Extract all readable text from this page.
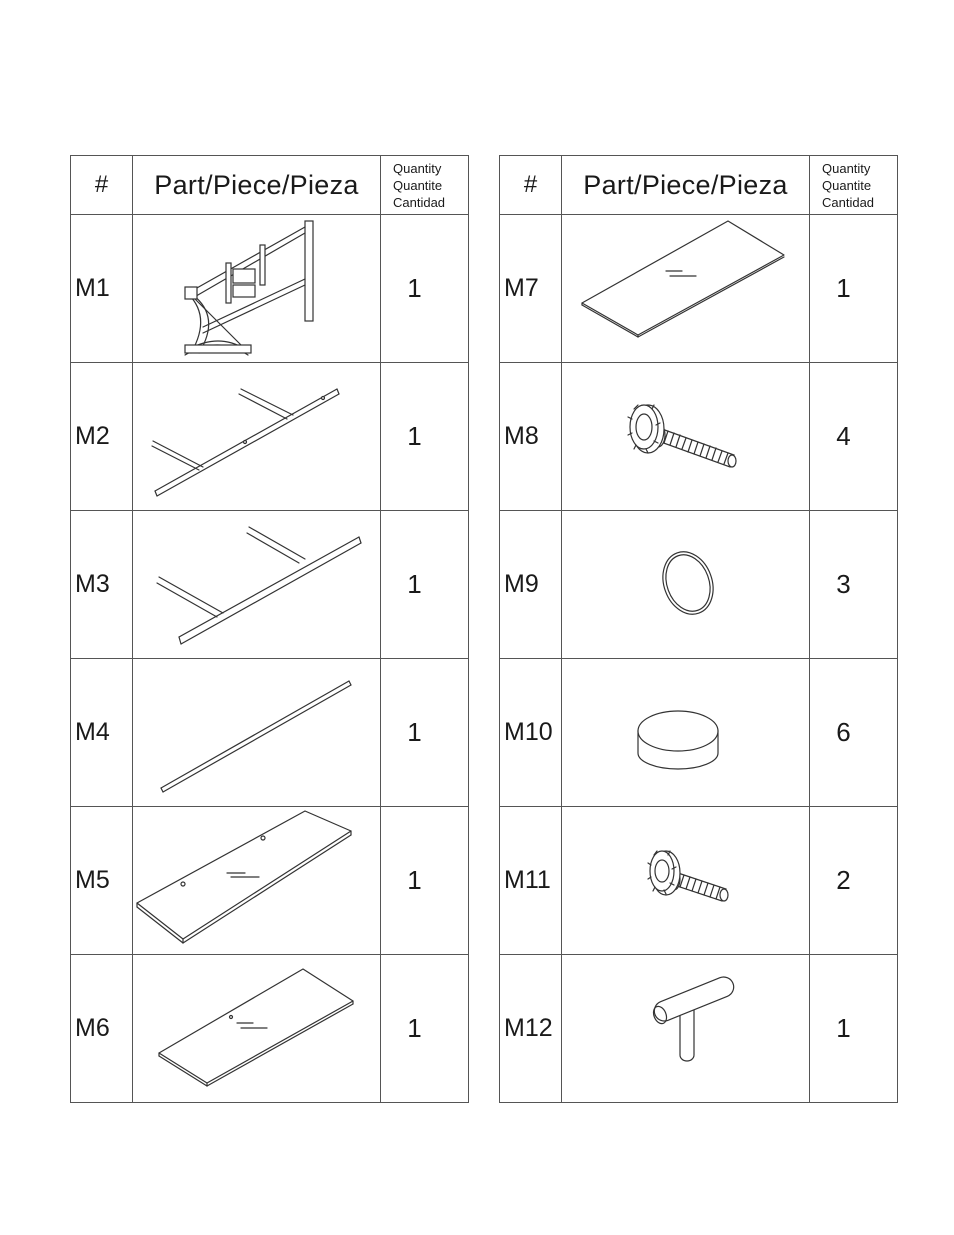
#	Part/Piece/Pieza	Quantity
Quantite
Cantidad

M1		1
M2		1
M3		1
M4		1
M5		1
M6		1
#	Part/Piece/Pieza	Quantity
Quantite
Cantidad

M7		1
M8		4
M9		3
M10		6
M11		2
M12		1
